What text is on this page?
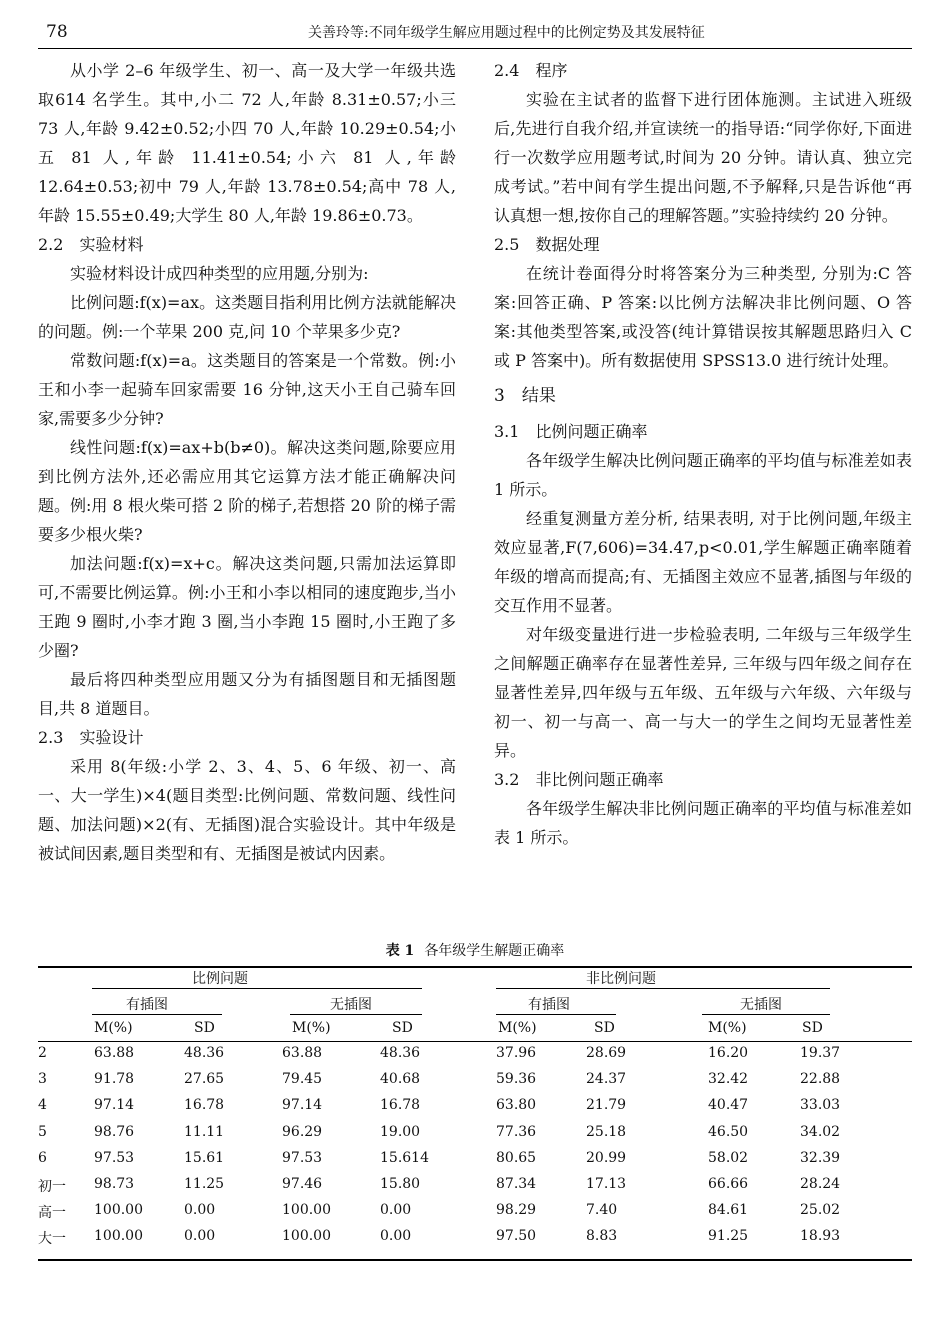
78	关善玲等:不同年级学生解应用题过程中的比例定势及其发展特征

从小学 2–6 年级学生、初一、高一及大学一年级共选取614 名学生。其中,小二 72 人,年龄 8.31±0.57;小三 73 人,年龄 9.42±0.52;小四 70 人,年龄 10.29±0.54;小五 81 人,年龄 11.41±0.54;小六 81 人,年龄 12.64±0.53;初中 79 人,年龄 13.78±0.54;高中 78 人,年龄 15.55±0.49;大学生 80 人,年龄 19.86±0.73。

2.2　实验材料

实验材料设计成四种类型的应用题,分别为:

比例问题:f(x)=ax。这类题目指利用比例方法就能解决的问题。例:一个苹果 200 克,问 10 个苹果多少克?

常数问题:f(x)=a。这类题目的答案是一个常数。例:小王和小李一起骑车回家需要 16 分钟,这天小王自己骑车回家,需要多少分钟?

线性问题:f(x)=ax+b(b≠0)。解决这类问题,除要应用到比例方法外,还必需应用其它运算方法才能正确解决问题。例:用 8 根火柴可搭 2 阶的梯子,若想搭 20 阶的梯子需要多少根火柴?

加法问题:f(x)=x+c。解决这类问题,只需加法运算即可,不需要比例运算。例:小王和小李以相同的速度跑步,当小王跑 9 圈时,小李才跑 3 圈,当小李跑 15 圈时,小王跑了多少圈?

最后将四种类型应用题又分为有插图题目和无插图题目,共 8 道题目。

2.3　实验设计

采用 8(年级:小学 2、3、4、5、6 年级、初一、高一、大一学生)×4(题目类型:比例问题、常数问题、线性问题、加法问题)×2(有、无插图)混合实验设计。其中年级是被试间因素,题目类型和有、无插图是被试内因素。

2.4　程序

实验在主试者的监督下进行团体施测。主试进入班级后,先进行自我介绍,并宣读统一的指导语:“同学你好,下面进行一次数学应用题考试,时间为 20 分钟。请认真、独立完成考试。”若中间有学生提出问题,不予解释,只是告诉他“再认真想一想,按你自己的理解答题。”实验持续约 20 分钟。

2.5　数据处理

在统计卷面得分时将答案分为三种类型, 分别为:C 答案:回答正确、P 答案:以比例方法解决非比例问题、O 答案:其他类型答案,或没答(纯计算错误按其解题思路归入 C 或 P 答案中)。所有数据使用 SPSS13.0 进行统计处理。

3　结果

3.1　比例问题正确率

各年级学生解决比例问题正确率的平均值与标准差如表 1 所示。

经重复测量方差分析, 结果表明, 对于比例问题,年级主效应显著,F(7,606)=34.47,p<0.01,学生解题正确率随着年级的增高而提高;有、无插图主效应不显著,插图与年级的交互作用不显著。

对年级变量进行进一步检验表明, 二年级与三年级学生之间解题正确率存在显著性差异, 三年级与四年级之间存在显著性差异,四年级与五年级、五年级与六年级、六年级与初一、初一与高一、高一与大一的学生之间均无显著性差异。

3.2　非比例问题正确率

各年级学生解决非比例问题正确率的平均值与标准差如表 1 所示。

表 1 各年级学生解题正确率
比例问题	非比例问题
有插图	无插图	有插图	无插图
M(%)	SD	M(%)	SD	M(%)	SD	M(%)	SD
2	63.88	48.36	63.88	48.36	37.96	28.69	16.20	19.37
3	91.78	27.65	79.45	40.68	59.36	24.37	32.42	22.88
4	97.14	16.78	97.14	16.78	63.80	21.79	40.47	33.03
5	98.76	11.11	96.29	19.00	77.36	25.18	46.50	34.02
6	97.53	15.61	97.53	15.614	80.65	20.99	58.02	32.39
初一 98.73	11.25	97.46	15.80	87.34	17.13	66.66	28.24
高一 100.00	0.00	100.00	0.00	98.29	7.40	84.61	25.02
大一 100.00	0.00	100.00	0.00	97.50	8.83	91.25	18.93
